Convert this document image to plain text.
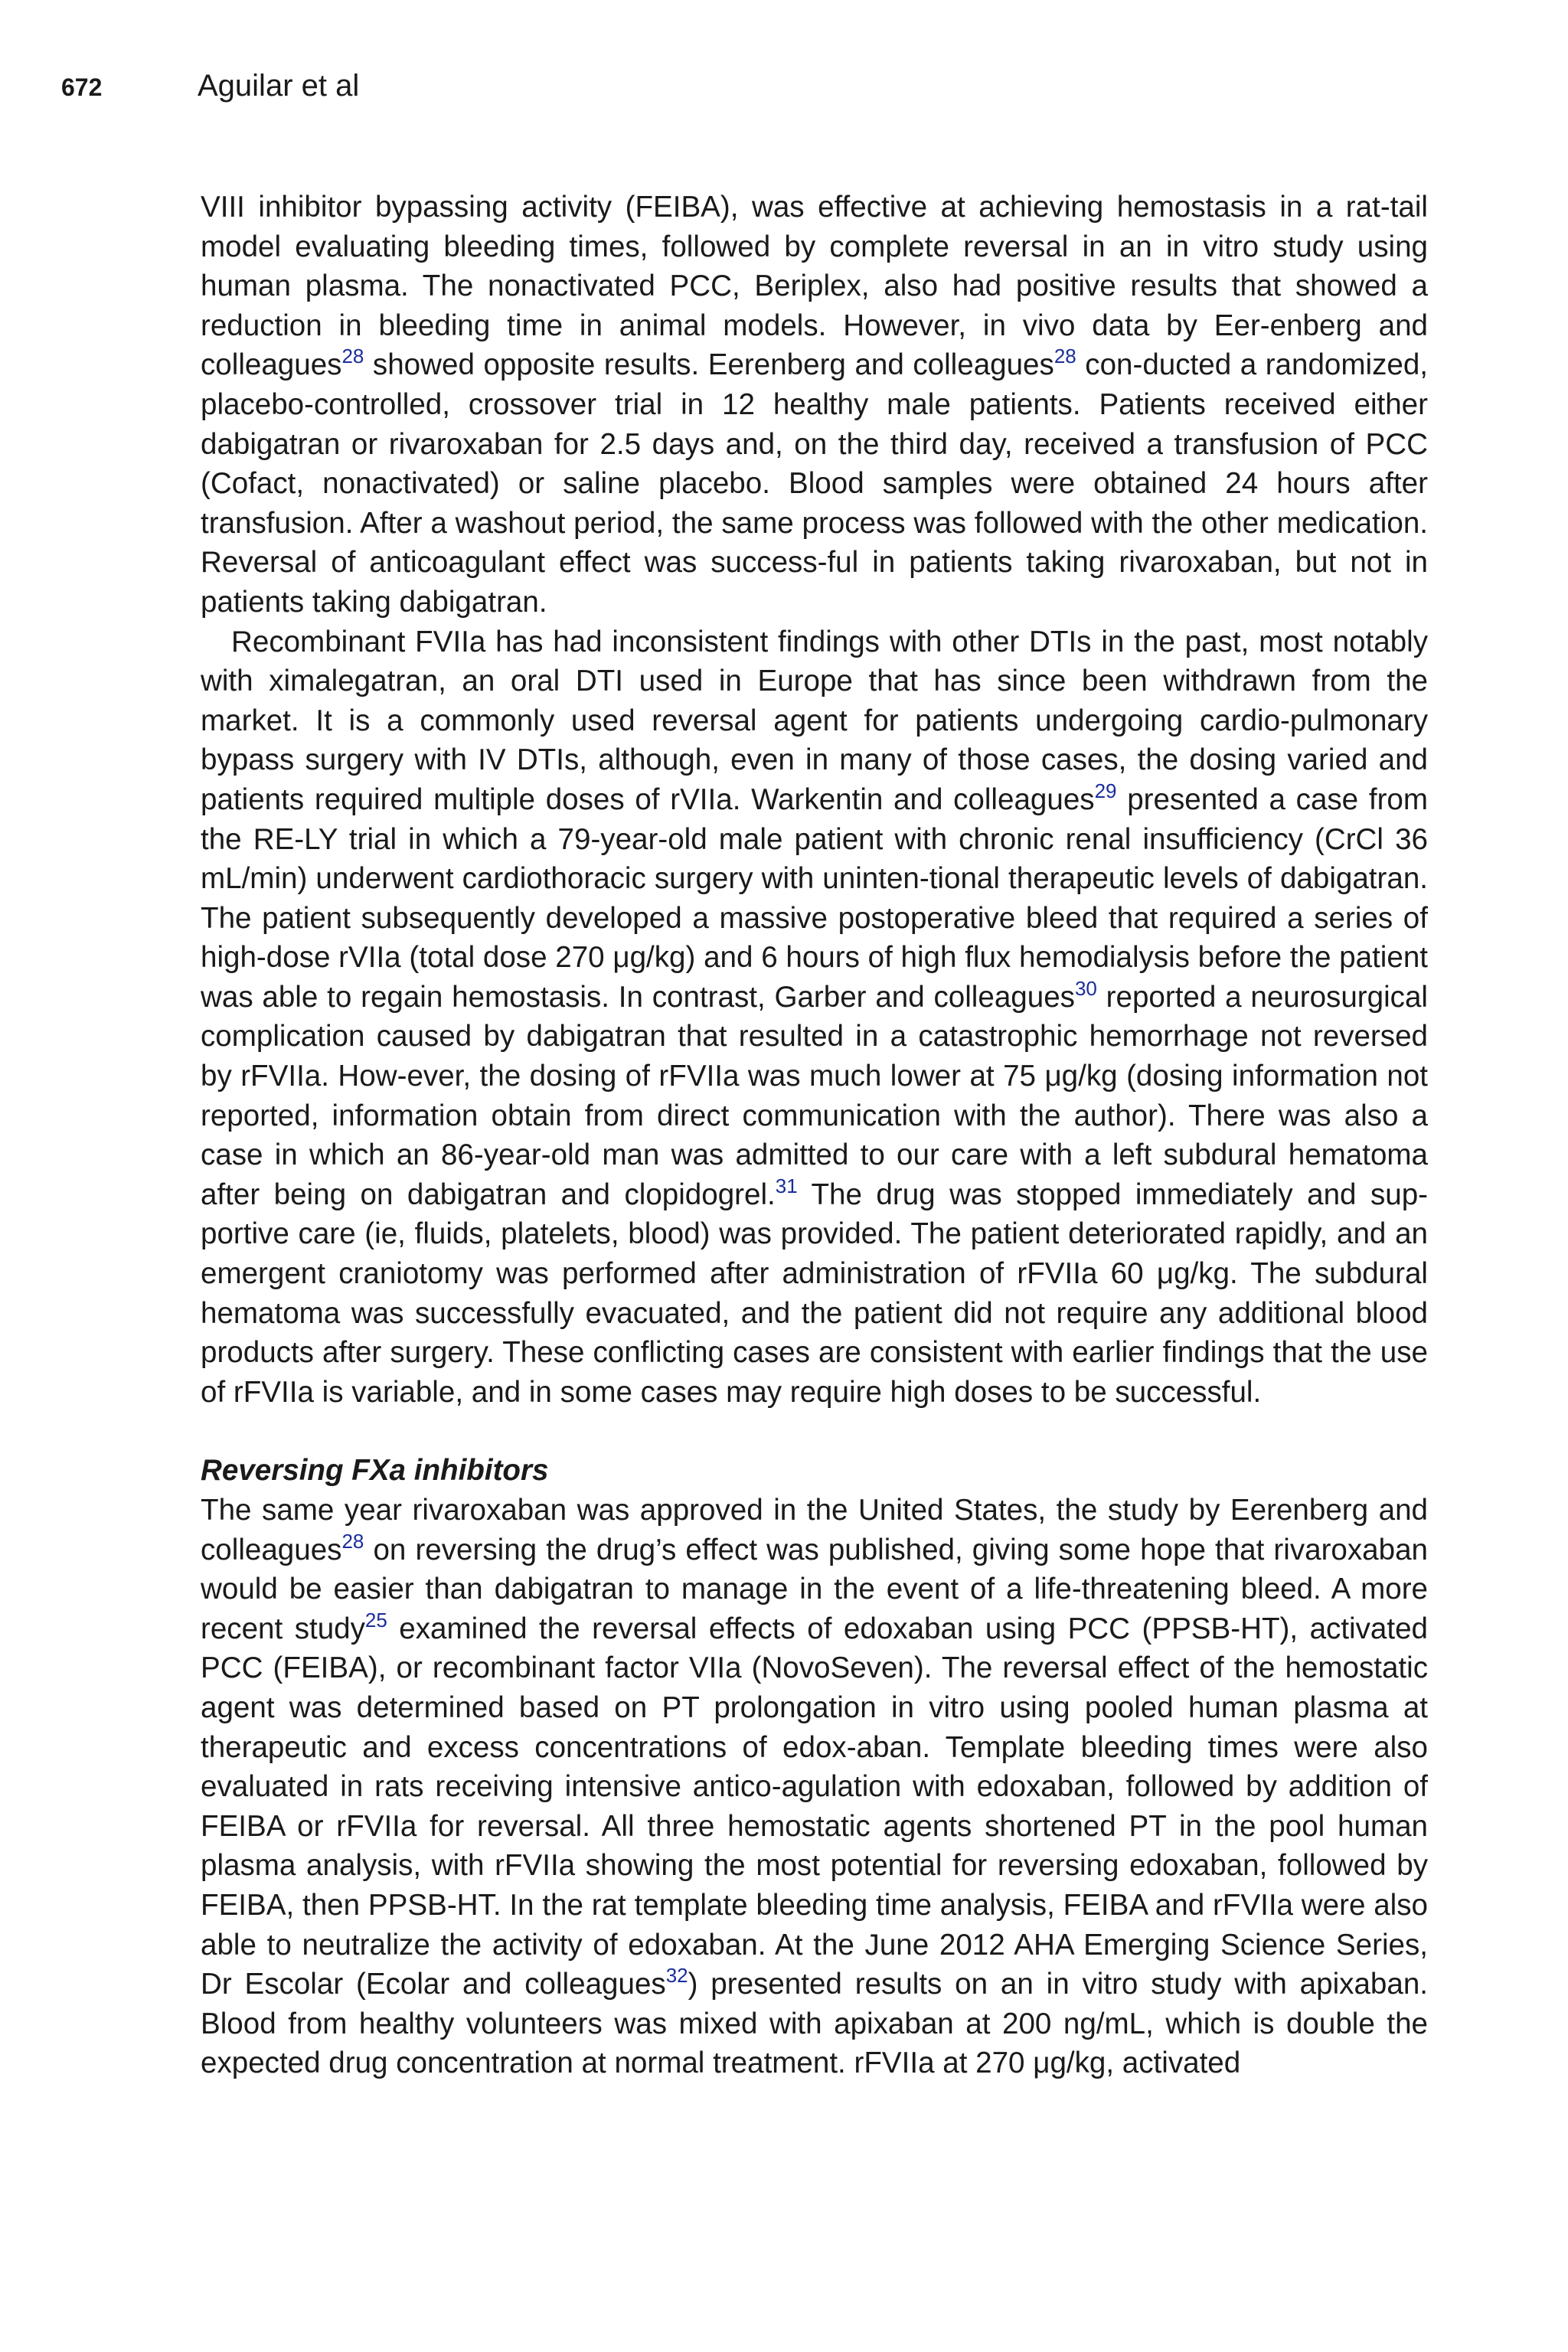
672	Aguilar et al

VIII inhibitor bypassing activity (FEIBA), was effective at achieving hemostasis in a rat-tail model evaluating bleeding times, followed by complete reversal in an in vitro study using human plasma. The nonactivated PCC, Beriplex, also had positive results that showed a reduction in bleeding time in animal models. However, in vivo data by Eer-enberg and colleagues$^{28}$ showed opposite results. Eerenberg and colleagues$^{28}$ con-ducted a randomized, placebo-controlled, crossover trial in 12 healthy male patients. Patients received either dabigatran or rivaroxaban for 2.5 days and, on the third day, received a transfusion of PCC (Cofact, nonactivated) or saline placebo. Blood samples were obtained 24 hours after transfusion. After a washout period, the same process was followed with the other medication. Reversal of anticoagulant effect was success-ful in patients taking rivaroxaban, but not in patients taking dabigatran.

Recombinant FVIIa has had inconsistent findings with other DTIs in the past, most notably with ximalegatran, an oral DTI used in Europe that has since been withdrawn from the market. It is a commonly used reversal agent for patients undergoing cardio-pulmonary bypass surgery with IV DTIs, although, even in many of those cases, the dosing varied and patients required multiple doses of rVIIa. Warkentin and colleagues$^{29}$ presented a case from the RE-LY trial in which a 79-year-old male patient with chronic renal insufficiency (CrCl 36 mL/min) underwent cardiothoracic surgery with uninten-tional therapeutic levels of dabigatran. The patient subsequently developed a massive postoperative bleed that required a series of high-dose rVIIa (total dose 270 μg/kg) and 6 hours of high flux hemodialysis before the patient was able to regain hemostasis. In contrast, Garber and colleagues$^{30}$ reported a neurosurgical complication caused by dabigatran that resulted in a catastrophic hemorrhage not reversed by rFVIIa. How-ever, the dosing of rFVIIa was much lower at 75 μg/kg (dosing information not reported, information obtain from direct communication with the author). There was also a case in which an 86-year-old man was admitted to our care with a left subdural hematoma after being on dabigatran and clopidogrel.$^{31}$ The drug was stopped immediately and sup-portive care (ie, fluids, platelets, blood) was provided. The patient deteriorated rapidly, and an emergent craniotomy was performed after administration of rFVIIa 60 μg/kg. The subdural hematoma was successfully evacuated, and the patient did not require any additional blood products after surgery. These conflicting cases are consistent with earlier findings that the use of rFVIIa is variable, and in some cases may require high doses to be successful.

Reversing FXa inhibitors

The same year rivaroxaban was approved in the United States, the study by Eerenberg and colleagues$^{28}$ on reversing the drug’s effect was published, giving some hope that rivaroxaban would be easier than dabigatran to manage in the event of a life-threatening bleed. A more recent study$^{25}$ examined the reversal effects of edoxaban using PCC (PPSB-HT), activated PCC (FEIBA), or recombinant factor VIIa (NovoSeven). The reversal effect of the hemostatic agent was determined based on PT prolongation in vitro using pooled human plasma at therapeutic and excess concentrations of edox-aban. Template bleeding times were also evaluated in rats receiving intensive antico-agulation with edoxaban, followed by addition of FEIBA or rFVIIa for reversal. All three hemostatic agents shortened PT in the pool human plasma analysis, with rFVIIa showing the most potential for reversing edoxaban, followed by FEIBA, then PPSB-HT. In the rat template bleeding time analysis, FEIBA and rFVIIa were also able to neutralize the activity of edoxaban. At the June 2012 AHA Emerging Science Series, Dr Escolar (Ecolar and colleagues$^{32}$) presented results on an in vitro study with apixaban. Blood from healthy volunteers was mixed with apixaban at 200 ng/mL, which is double the expected drug concentration at normal treatment. rFVIIa at 270 μg/kg, activated
